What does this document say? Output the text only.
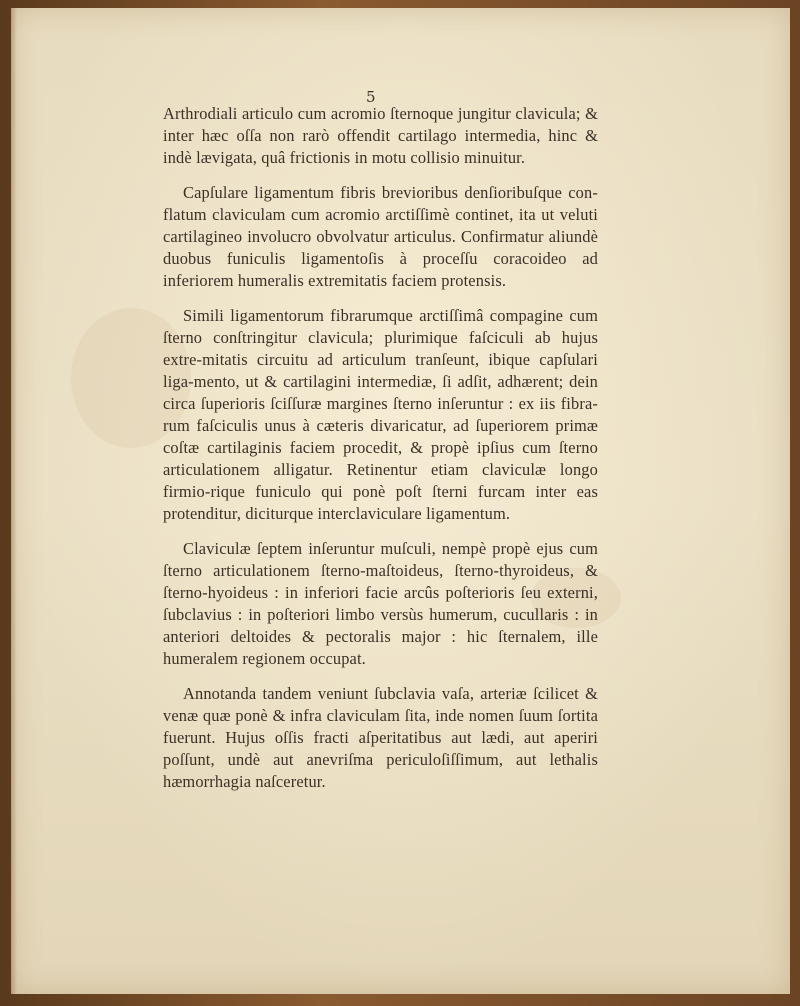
5

Arthrodiali articulo cum acromio ſternoque jungitur clavicula; & inter hæc oſſa non rarò offendit cartilago intermedia, hinc & indè lævigata, quâ frictionis in motu collisio minuitur.

Capſulare ligamentum fibris brevioribus denſioribuſque con-flatum claviculam cum acromio arctiſſimè continet, ita ut veluti cartilagineo involucro obvolvatur articulus. Confirmatur aliundè duobus funiculis ligamentoſis à proceſſu coracoideo ad inferiorem humeralis extremitatis faciem protensis.

Simili ligamentorum fibrarumque arctiſſimâ compagine cum ſterno conſtringitur clavicula; plurimique faſciculi ab hujus extre-mitatis circuitu ad articulum tranſeunt, ibique capſulari liga-mento, ut & cartilagini intermediæ, ſi adſit, adhærent; dein circa ſuperioris ſciſſuræ margines ſterno inſeruntur : ex iis fibra-rum faſciculis unus à cæteris divaricatur, ad ſuperiorem primæ coſtæ cartilaginis faciem procedit, & propè ipſius cum ſterno articulationem alligatur. Retinentur etiam claviculæ longo firmio-rique funiculo qui ponè poſt ſterni furcam inter eas protenditur, diciturque interclaviculare ligamentum.

Claviculæ ſeptem inſeruntur muſculi, nempè propè ejus cum ſterno articulationem ſterno-maſtoideus, ſterno-thyroideus, & ſterno-hyoideus : in inferiori facie arcûs poſterioris ſeu externi, ſubclavius : in poſteriori limbo versùs humerum, cucullaris : in anteriori deltoides & pectoralis major : hic ſternalem, ille humeralem regionem occupat.

Annotanda tandem veniunt ſubclavia vaſa, arteriæ ſcilicet & venæ quæ ponè & infra claviculam ſita, inde nomen ſuum ſortita fuerunt. Hujus oſſis fracti aſperitatibus aut lædi, aut aperiri poſſunt, undè aut anevriſma periculoſiſſimum, aut lethalis hæmorrhagia naſceretur.
